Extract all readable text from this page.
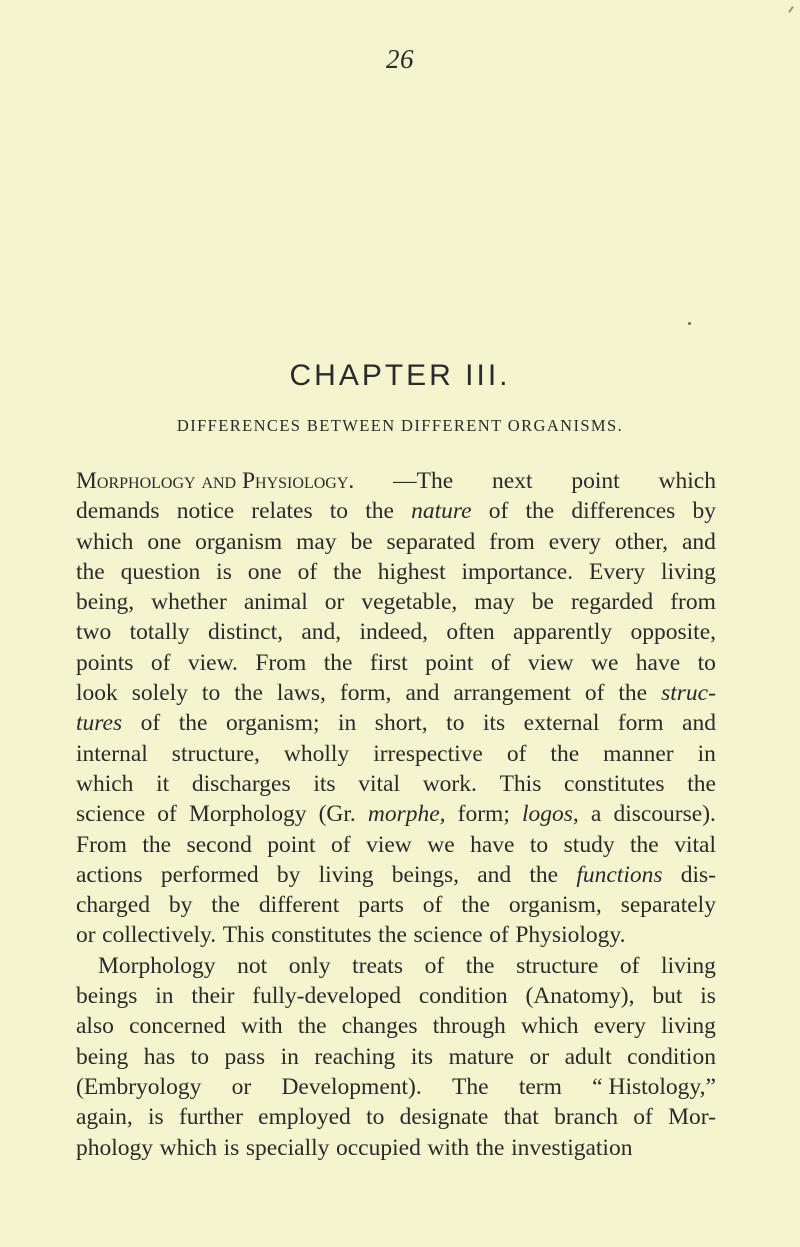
26
CHAPTER III.
DIFFERENCES BETWEEN DIFFERENT ORGANISMS.
Morphology and Physiology. —The next point which
demands notice relates to the nature of the differences by
which one organism may be separated from every other, and
the question is one of the highest importance. Every living
being, whether animal or vegetable, may be regarded from
two totally distinct, and, indeed, often apparently opposite,
points of view. From the first point of view we have to
look solely to the laws, form, and arrangement of the struc-
tures of the organism; in short, to its external form and
internal structure, wholly irrespective of the manner in
which it discharges its vital work. This constitutes the
science of Morphology (Gr. morphe, form; logos, a discourse).
From the second point of view we have to study the vital
actions performed by living beings, and the functions dis-
charged by the different parts of the organism, separately
or collectively. This constitutes the science of Physiology.
Morphology not only treats of the structure of living
beings in their fully-developed condition (Anatomy), but is
also concerned with the changes through which every living
being has to pass in reaching its mature or adult condition
(Embryology or Development). The term “ Histology,”
again, is further employed to designate that branch of Mor-
phology which is specially occupied with the investigation
